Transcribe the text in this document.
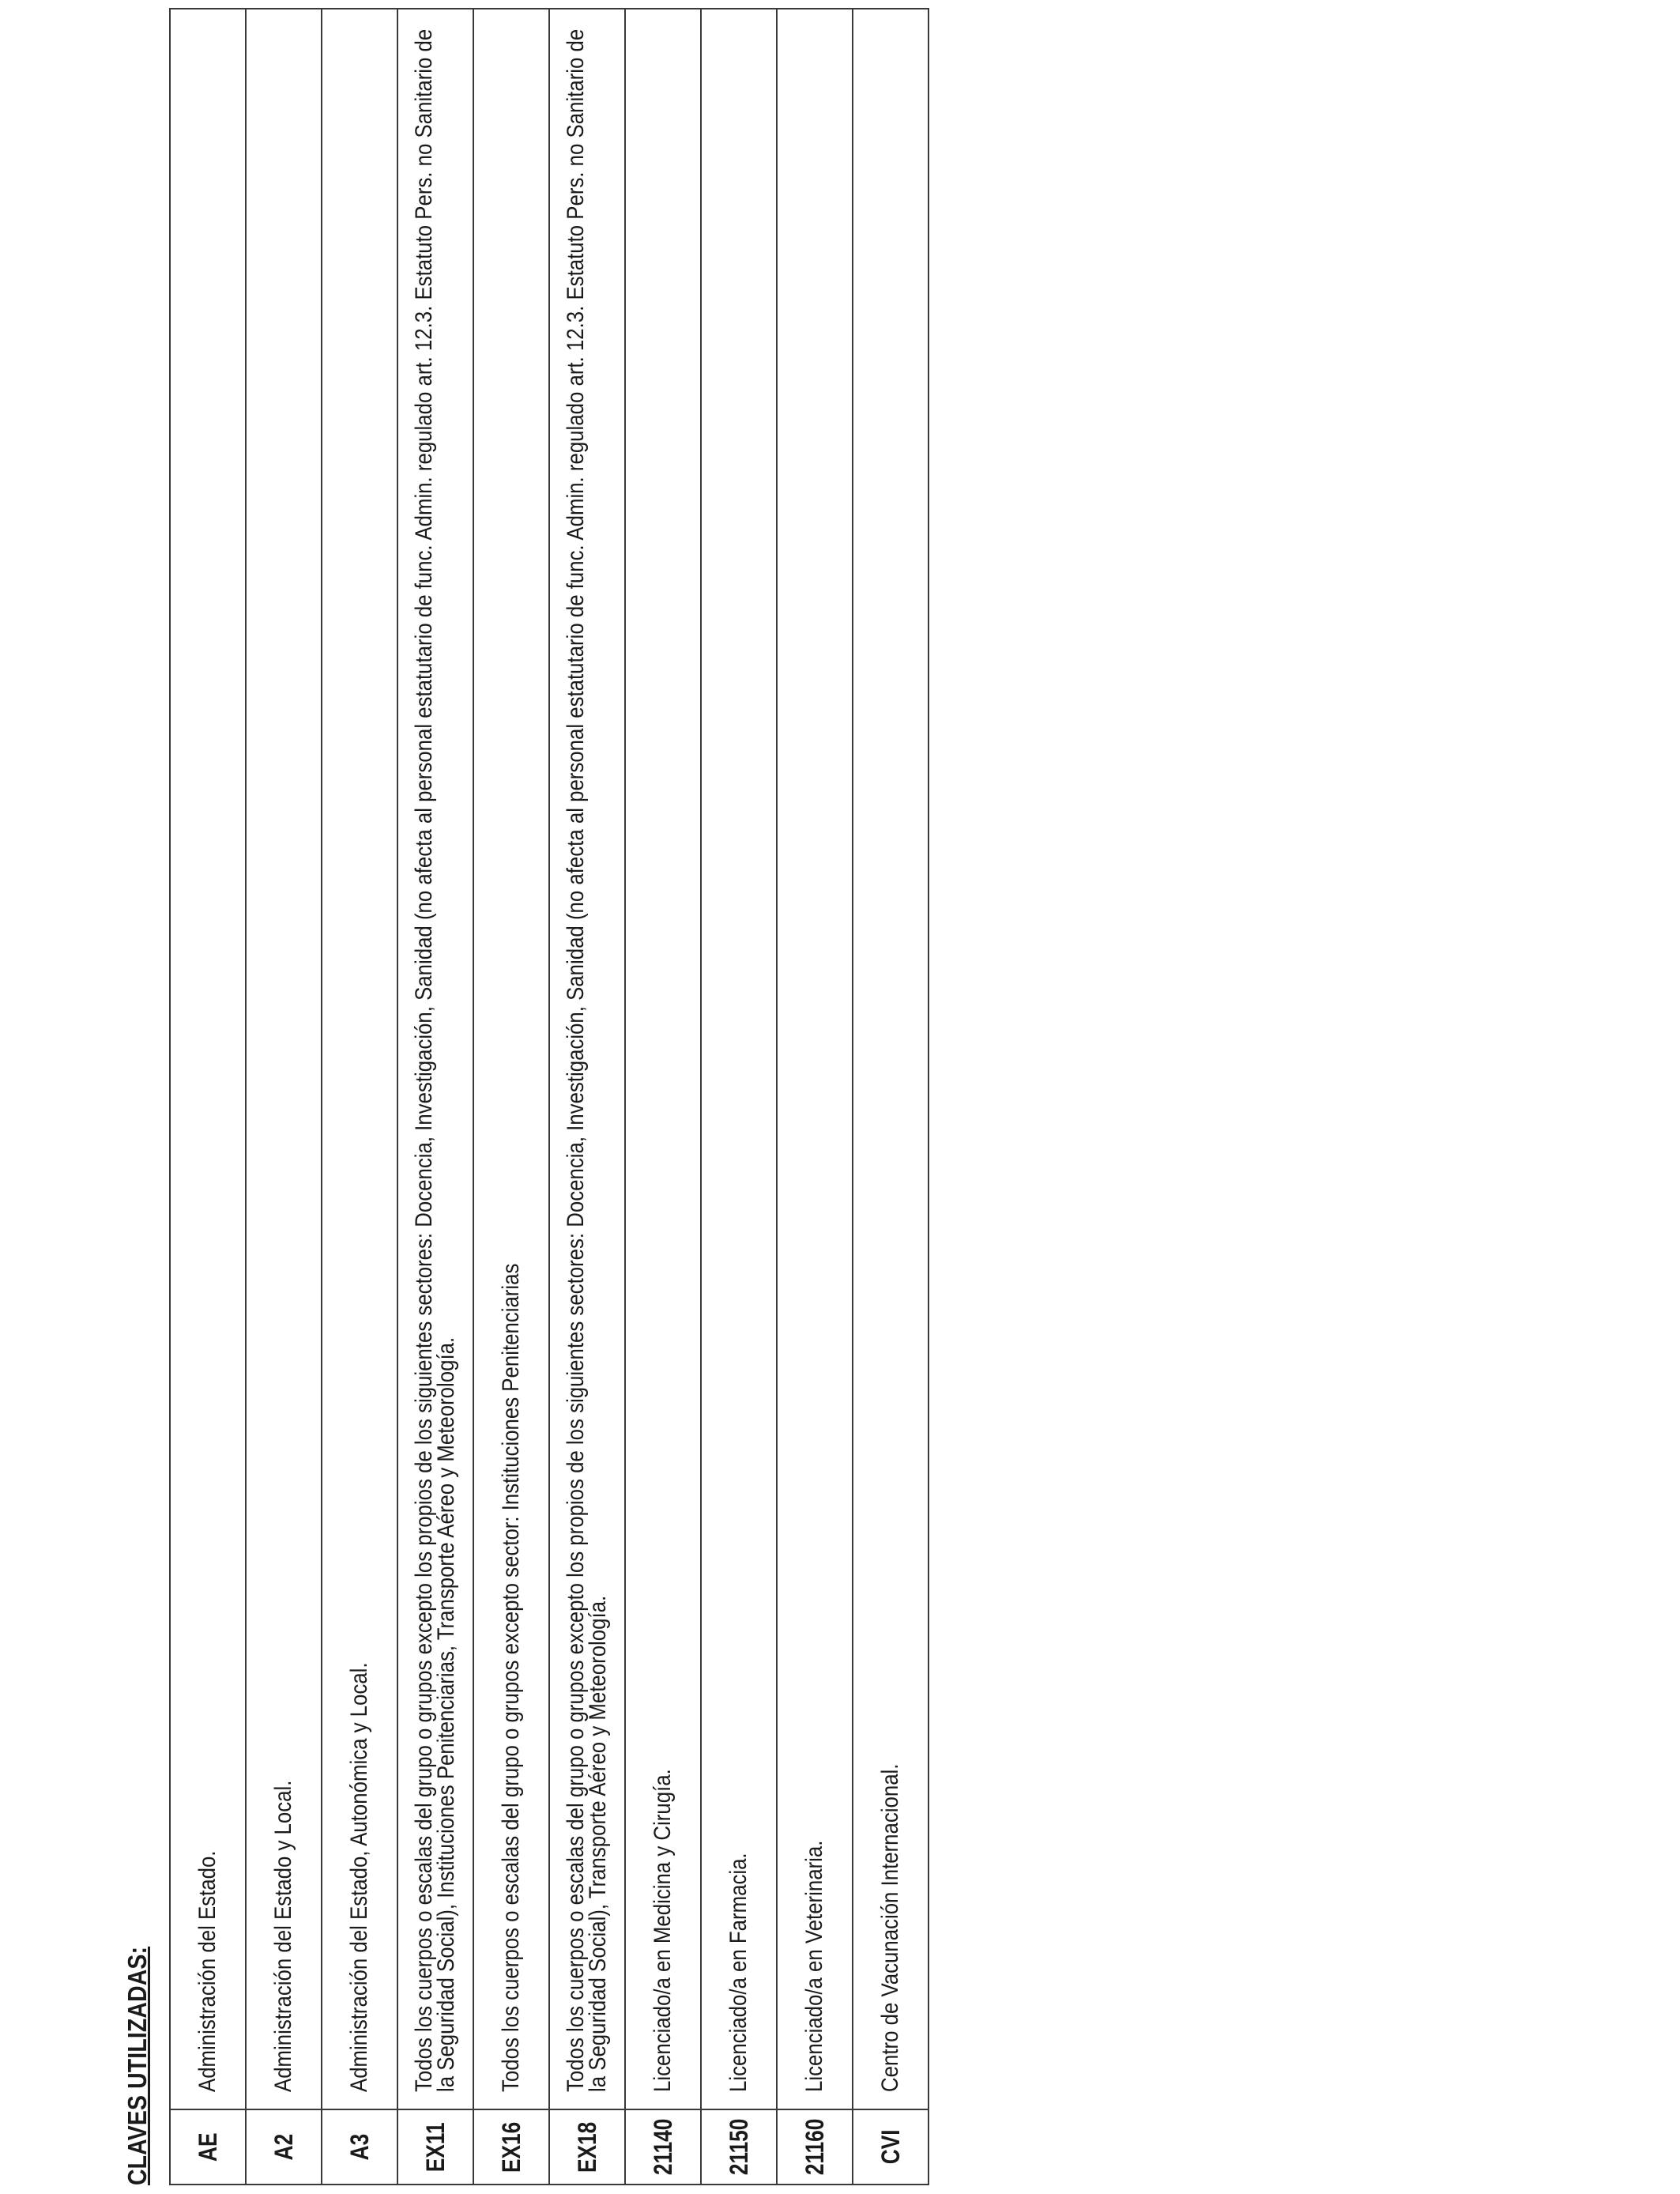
CLAVES UTILIZADAS: AE	Administración del Estado.

A2	Administración del Estado y Local.

A3	Administración del Estado, Autonómica y Local.

EX11	Todos los cuerpos o escalas del grupo o grupos excepto los propios de los siguientes sectores: Docencia, Investigación, Sanidad (no afecta al personal estatutario de func. Admin. regulado art. 12.3. Estatuto Pers. no Sanitario de la Seguridad Social), Instituciones Penitenciarias, Transporte Aéreo y Meteorología.

EX16	Todos los cuerpos o escalas del grupo o grupos excepto sector: Instituciones Penitenciarias

EX18	Todos los cuerpos o escalas del grupo o grupos excepto los propios de los siguientes sectores: Docencia, Investigación, Sanidad (no afecta al personal estatutario de func. Admin. regulado art. 12.3. Estatuto Pers. no Sanitario de la Seguridad Social), Transporte Aéreo y Meteorología.

21140	Licenciado/a en Medicina y Cirugía.

21150	Licenciado/a en Farmacia.

21160	Licenciado/a en Veterinaria.

CVI	Centro de Vacunación Internacional.
